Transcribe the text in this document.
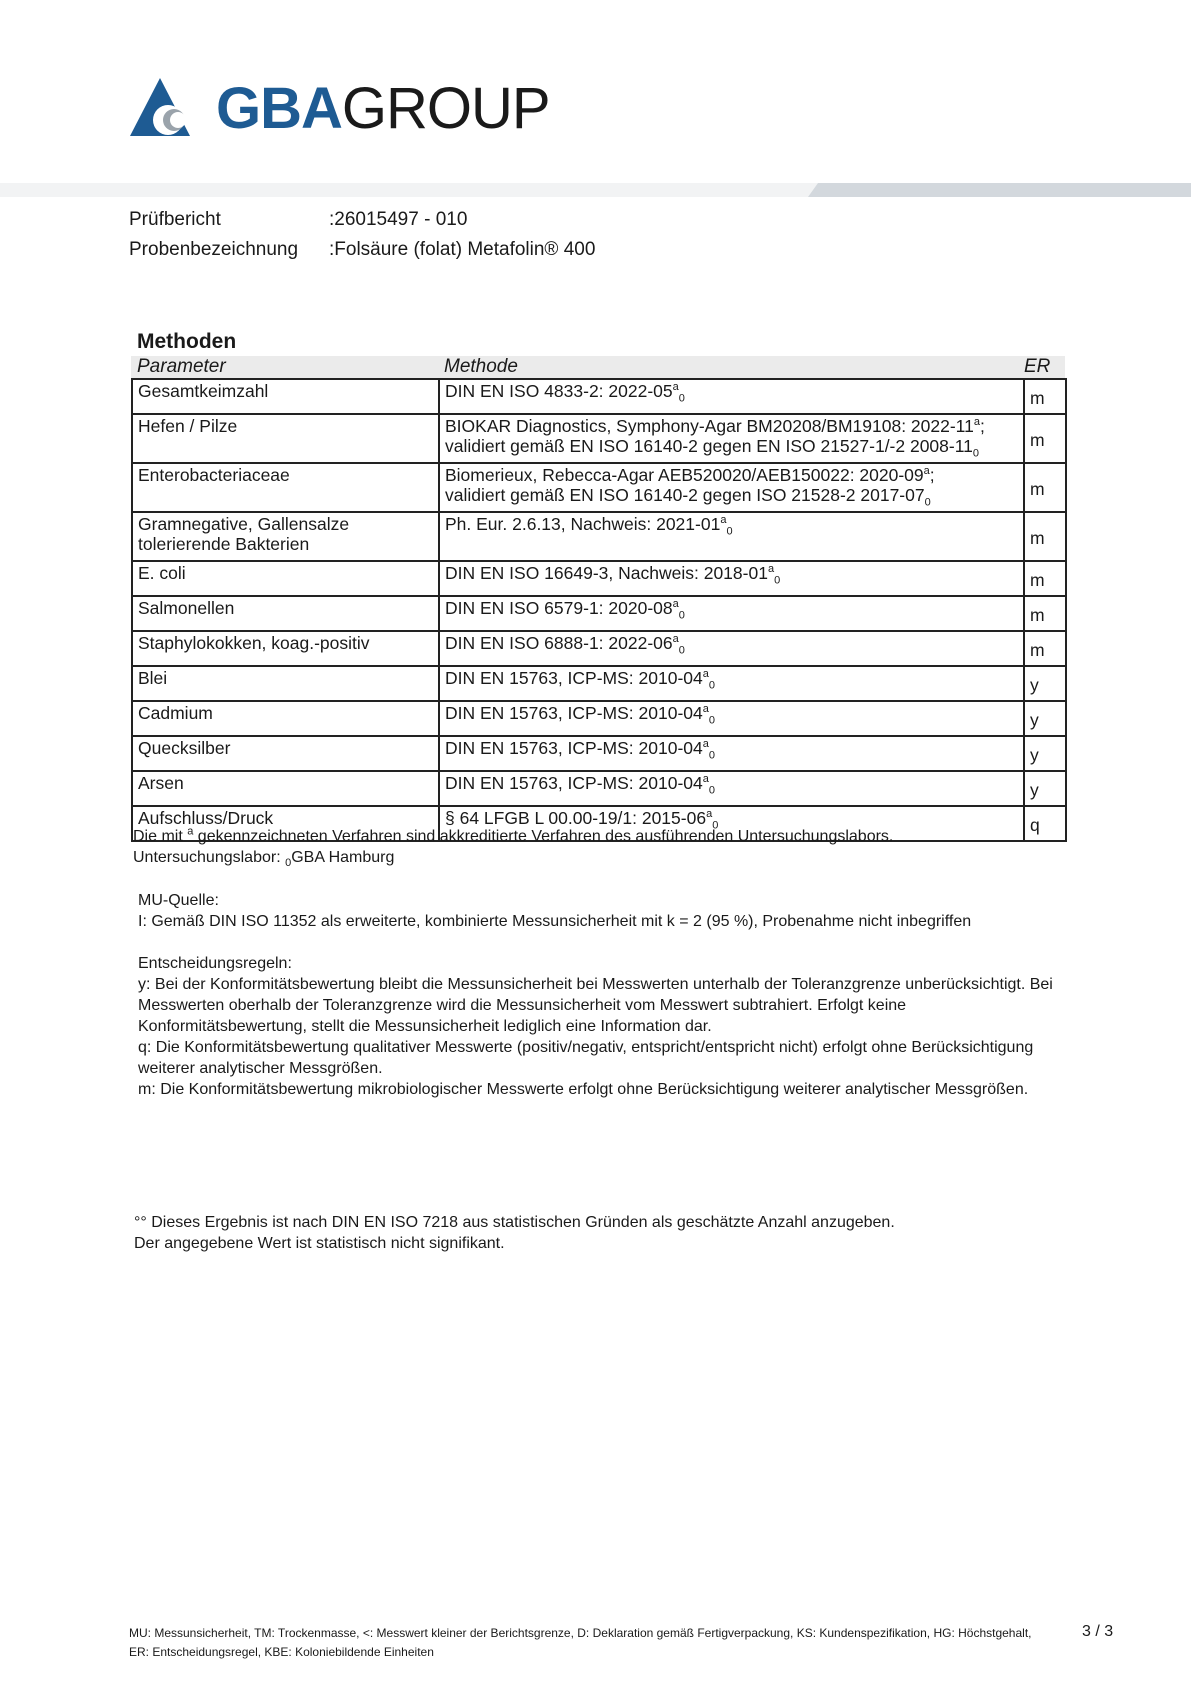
GBAGROUP
Prüfbericht	:26015497 - 010
Probenbezeichnung :Folsäure (folat) Metafolin® 400
Methoden
Parameter	Methode	ER
Gesamtkeimzahl	DIN EN ISO 4833-2: $2022-05^a_0$	m
Hefen / Pilze	BIOKAR Diagnostics, Symphony-Agar BM20208/BM19108: 2022-11$^a$;
validiert gemäß EN ISO 16140-2 gegen EN ISO 21527-1/-2 $2008-11_0$	m
Enterobacteriaceae	Biomerieux, Rebecca-Agar AEB520020/AEB150022: 2020-09$^a$;
validiert gemäß EN ISO 16140-2 gegen ISO 21528-2 $2017-07_0$	m
Gramnegative, Gallensalze tolerierende Bakterien	Ph. Eur. 2.6.13, Nachweis: $2021-01^a_0$	m
E. coli	DIN EN ISO 16649-3, Nachweis: $2018-01^a_0$	m
Salmonellen	DIN EN ISO 6579-1: $2020-08^a_0$	m
Staphylokokken, koag.-positiv	DIN EN ISO 6888-1: $2022-06^a_0$	m
Blei	DIN EN 15763, ICP-MS: $2010-04^a_0$	y
Cadmium	DIN EN 15763, ICP-MS: $2010-04^a_0$	y
Quecksilber	DIN EN 15763, ICP-MS: $2010-04^a_0$	y
Arsen	DIN EN 15763, ICP-MS: $2010-04^a_0$	y
Aufschluss/Druck	§ 64 LFGB L 00.00-19/1: $2015-06^a_0$	q
Die mit $^a$ gekennzeichneten Verfahren sind akkreditierte Verfahren des ausführenden Untersuchungslabors.
Untersuchungslabor: $_0$GBA Hamburg
MU-Quelle:
I: Gemäß DIN ISO 11352 als erweiterte, kombinierte Messunsicherheit mit k = 2 (95 %), Probenahme nicht inbegriffen
Entscheidungsregeln:
y: Bei der Konformitätsbewertung bleibt die Messunsicherheit bei Messwerten unterhalb der Toleranzgrenze unberücksichtigt. Bei
Messwerten oberhalb der Toleranzgrenze wird die Messunsicherheit vom Messwert subtrahiert. Erfolgt keine
Konformitätsbewertung, stellt die Messunsicherheit lediglich eine Information dar.
q: Die Konformitätsbewertung qualitativer Messwerte (positiv/negativ, entspricht/entspricht nicht) erfolgt ohne Berücksichtigung
weiterer analytischer Messgrößen.
m: Die Konformitätsbewertung mikrobiologischer Messwerte erfolgt ohne Berücksichtigung weiterer analytischer Messgrößen.
°° Dieses Ergebnis ist nach DIN EN ISO 7218 aus statistischen Gründen als geschätzte Anzahl anzugeben.
Der angegebene Wert ist statistisch nicht signifikant.
MU: Messunsicherheit, TM: Trockenmasse, <: Messwert kleiner der Berichtsgrenze, D: Deklaration gemäß Fertigverpackung, KS: Kundenspezifikation, HG: Höchstgehalt,
ER: Entscheidungsregel, KBE: Koloniebildende Einheiten
3 / 3
